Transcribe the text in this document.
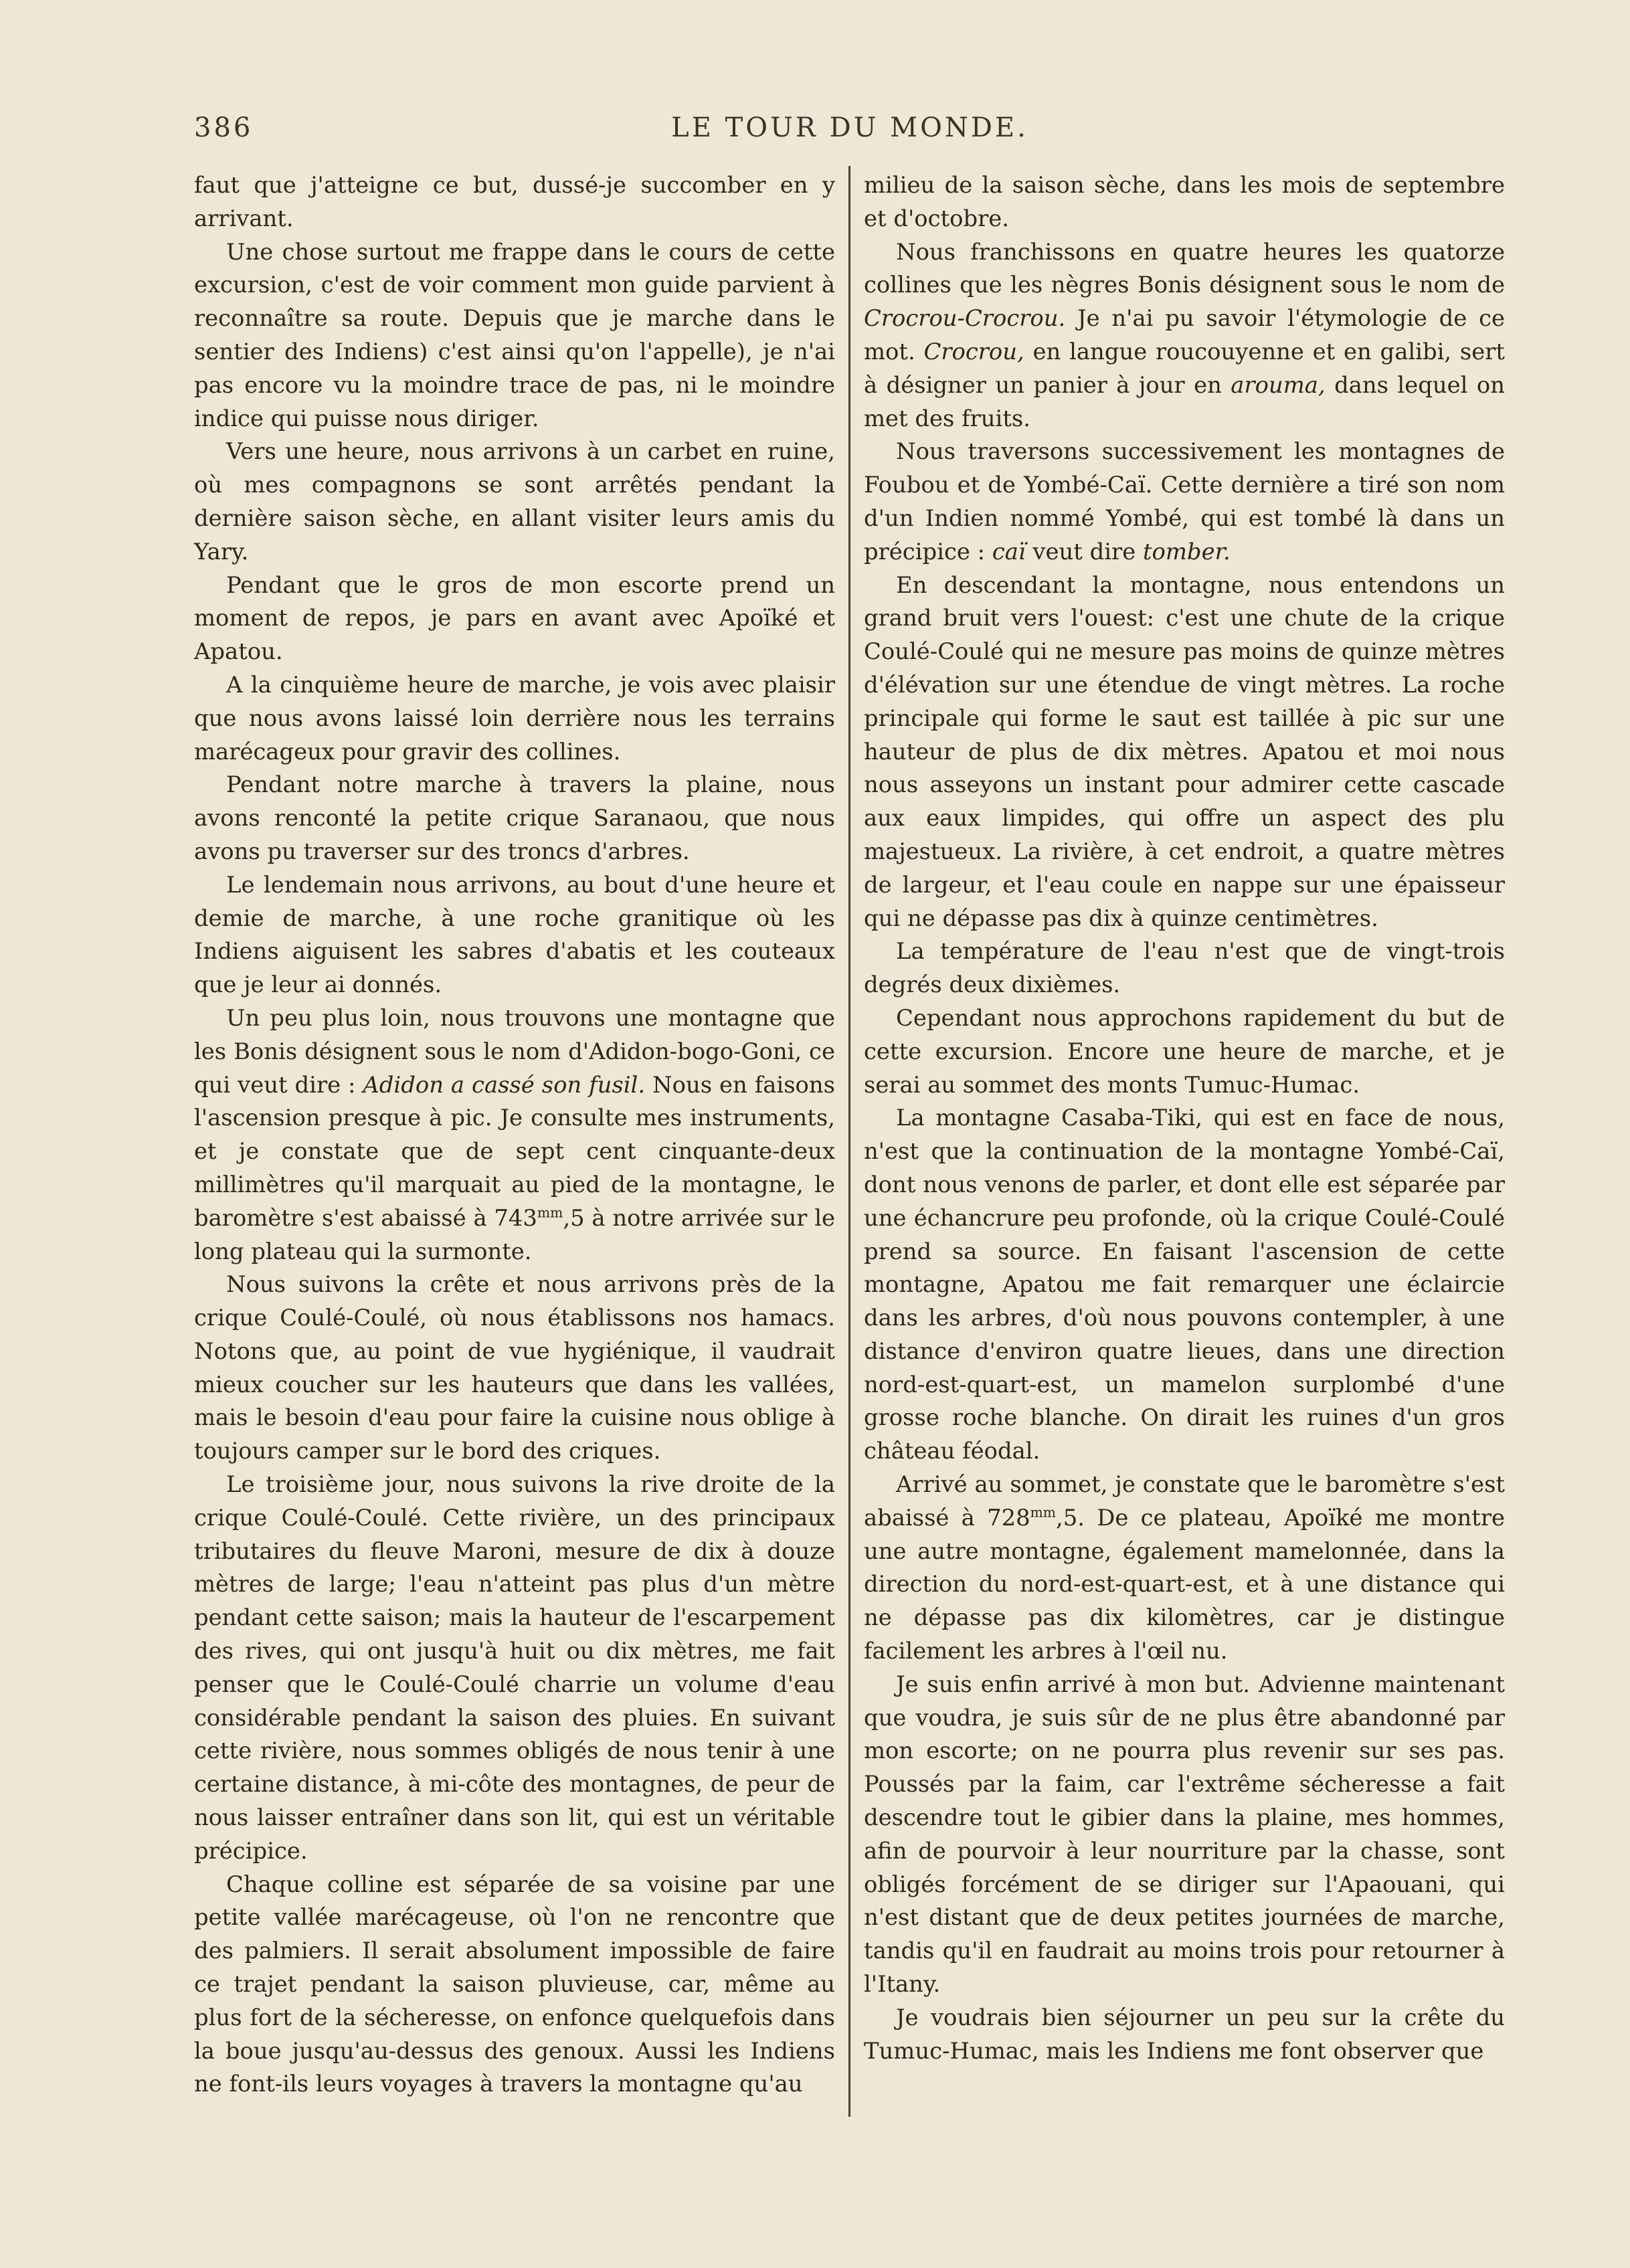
386	LE TOUR DU MONDE.

faut que j'atteigne ce but, dussé-je succomber en y arrivant.

Une chose surtout me frappe dans le cours de cette excursion, c'est de voir comment mon guide parvient à reconnaître sa route. Depuis que je marche dans le sentier des Indiens) c'est ainsi qu'on l'appelle), je n'ai pas encore vu la moindre trace de pas, ni le moindre indice qui puisse nous diriger.

Vers une heure, nous arrivons à un carbet en ruine, où mes compagnons se sont arrêtés pendant la dernière saison sèche, en allant visiter leurs amis du Yary.

Pendant que le gros de mon escorte prend un moment de repos, je pars en avant avec Apoïké et Apatou.

A la cinquième heure de marche, je vois avec plaisir que nous avons laissé loin derrière nous les terrains marécageux pour gravir des collines.

Pendant notre marche à travers la plaine, nous avons renconté la petite crique Saranaou, que nous avons pu traverser sur des troncs d'arbres.

Le lendemain nous arrivons, au bout d'une heure et demie de marche, à une roche granitique où les Indiens aiguisent les sabres d'abatis et les couteaux que je leur ai donnés.

Un peu plus loin, nous trouvons une montagne que les Bonis désignent sous le nom d'Adidon-bogo-Goni, ce qui veut dire : Adidon a cassé son fusil. Nous en faisons l'ascension presque à pic. Je consulte mes instruments, et je constate que de sept cent cinquante-deux millimètres qu'il marquait au pied de la montagne, le baromètre s'est abaissé à $743^{mm},5$ à notre arrivée sur le long plateau qui la surmonte.

Nous suivons la crête et nous arrivons près de la crique Coulé-Coulé, où nous établissons nos hamacs. Notons que, au point de vue hygiénique, il vaudrait mieux coucher sur les hauteurs que dans les vallées, mais le besoin d'eau pour faire la cuisine nous oblige à toujours camper sur le bord des criques.

Le troisième jour, nous suivons la rive droite de la crique Coulé-Coulé. Cette rivière, un des principaux tributaires du fleuve Maroni, mesure de dix à douze mètres de large; l'eau n'atteint pas plus d'un mètre pendant cette saison; mais la hauteur de l'escarpement des rives, qui ont jusqu'à huit ou dix mètres, me fait penser que le Coulé-Coulé charrie un volume d'eau considérable pendant la saison des pluies. En suivant cette rivière, nous sommes obligés de nous tenir à une certaine distance, à mi-côte des montagnes, de peur de nous laisser entraîner dans son lit, qui est un véritable précipice.

Chaque colline est séparée de sa voisine par une petite vallée marécageuse, où l'on ne rencontre que des palmiers. Il serait absolument impossible de faire ce trajet pendant la saison pluvieuse, car, même au plus fort de la sécheresse, on enfonce quelquefois dans la boue jusqu'au-dessus des genoux. Aussi les Indiens ne font-ils leurs voyages à travers la montagne qu'au

milieu de la saison sèche, dans les mois de septembre et d'octobre.

Nous franchissons en quatre heures les quatorze collines que les nègres Bonis désignent sous le nom de Crocrou-Crocrou. Je n'ai pu savoir l'étymologie de ce mot. Crocrou, en langue roucouyenne et en galibi, sert à désigner un panier à jour en arouma, dans lequel on met des fruits.

Nous traversons successivement les montagnes de Foubou et de Yombé-Caï. Cette dernière a tiré son nom d'un Indien nommé Yombé, qui est tombé là dans un précipice : caï veut dire tomber.

En descendant la montagne, nous entendons un grand bruit vers l'ouest: c'est une chute de la crique Coulé-Coulé qui ne mesure pas moins de quinze mètres d'élévation sur une étendue de vingt mètres. La roche principale qui forme le saut est taillée à pic sur une hauteur de plus de dix mètres. Apatou et moi nous nous asseyons un instant pour admirer cette cascade aux eaux limpides, qui offre un aspect des plu majestueux. La rivière, à cet endroit, a quatre mètres de largeur, et l'eau coule en nappe sur une épaisseur qui ne dépasse pas dix à quinze centimètres.

La température de l'eau n'est que de vingt-trois degrés deux dixièmes.

Cependant nous approchons rapidement du but de cette excursion. Encore une heure de marche, et je serai au sommet des monts Tumuc-Humac.

La montagne Casaba-Tiki, qui est en face de nous, n'est que la continuation de la montagne Yombé-Caï, dont nous venons de parler, et dont elle est séparée par une échancrure peu profonde, où la crique Coulé-Coulé prend sa source. En faisant l'ascension de cette montagne, Apatou me fait remarquer une éclaircie dans les arbres, d'où nous pouvons contempler, à une distance d'environ quatre lieues, dans une direction nord-est-quart-est, un mamelon surplombé d'une grosse roche blanche. On dirait les ruines d'un gros château féodal.

Arrivé au sommet, je constate que le baromètre s'est abaissé à $728^{mm},5$. De ce plateau, Apoïké me montre une autre montagne, également mamelonnée, dans la direction du nord-est-quart-est, et à une distance qui ne dépasse pas dix kilomètres, car je distingue facilement les arbres à l'œil nu.

Je suis enfin arrivé à mon but. Advienne maintenant que voudra, je suis sûr de ne plus être abandonné par mon escorte; on ne pourra plus revenir sur ses pas. Poussés par la faim, car l'extrême sécheresse a fait descendre tout le gibier dans la plaine, mes hommes, afin de pourvoir à leur nourriture par la chasse, sont obligés forcément de se diriger sur l'Apaouani, qui n'est distant que de deux petites journées de marche, tandis qu'il en faudrait au moins trois pour retourner à l'Itany.

Je voudrais bien séjourner un peu sur la crête du Tumuc-Humac, mais les Indiens me font observer que
